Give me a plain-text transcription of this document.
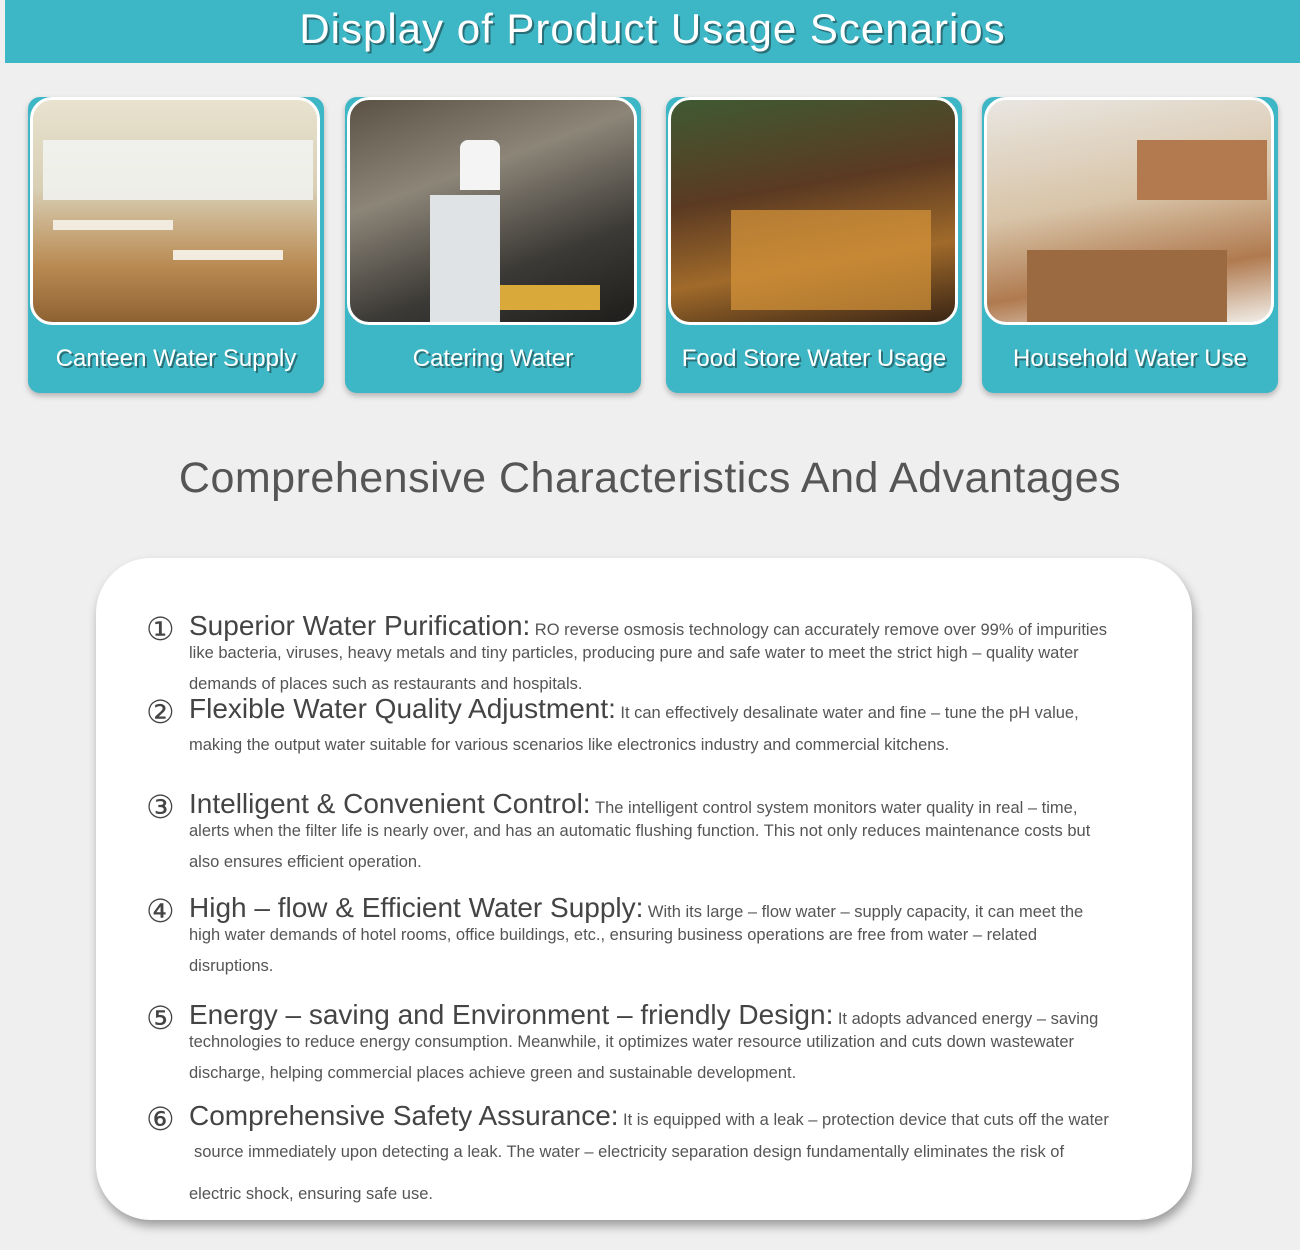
Display of Product Usage Scenarios
Canteen Water Supply	Catering Water	Food Store Water Usage	Household Water Use
Comprehensive Characteristics And Advantages
① Superior Water Purification: RO reverse osmosis technology can accurately remove over 99% of impurities
like bacteria, viruses, heavy metals and tiny particles, producing pure and safe water to meet the strict high – quality water
demands of places such as restaurants and hospitals.
② Flexible Water Quality Adjustment: It can effectively desalinate water and fine – tune the pH value,
making the output water suitable for various scenarios like electronics industry and commercial kitchens.
③ Intelligent & Convenient Control: The intelligent control system monitors water quality in real – time,
alerts when the filter life is nearly over, and has an automatic flushing function. This not only reduces maintenance costs but
also ensures efficient operation.
④ High – flow & Efficient Water Supply: With its large – flow water – supply capacity, it can meet the
high water demands of hotel rooms, office buildings, etc., ensuring business operations are free from water – related
disruptions.
⑤ Energy – saving and Environment – friendly Design: It adopts advanced energy – saving
technologies to reduce energy consumption. Meanwhile, it optimizes water resource utilization and cuts down wastewater
discharge, helping commercial places achieve green and sustainable development.
⑥ Comprehensive Safety Assurance: It is equipped with a leak – protection device that cuts off the water
source immediately upon detecting a leak. The water – electricity separation design fundamentally eliminates the risk of
electric shock, ensuring safe use.
